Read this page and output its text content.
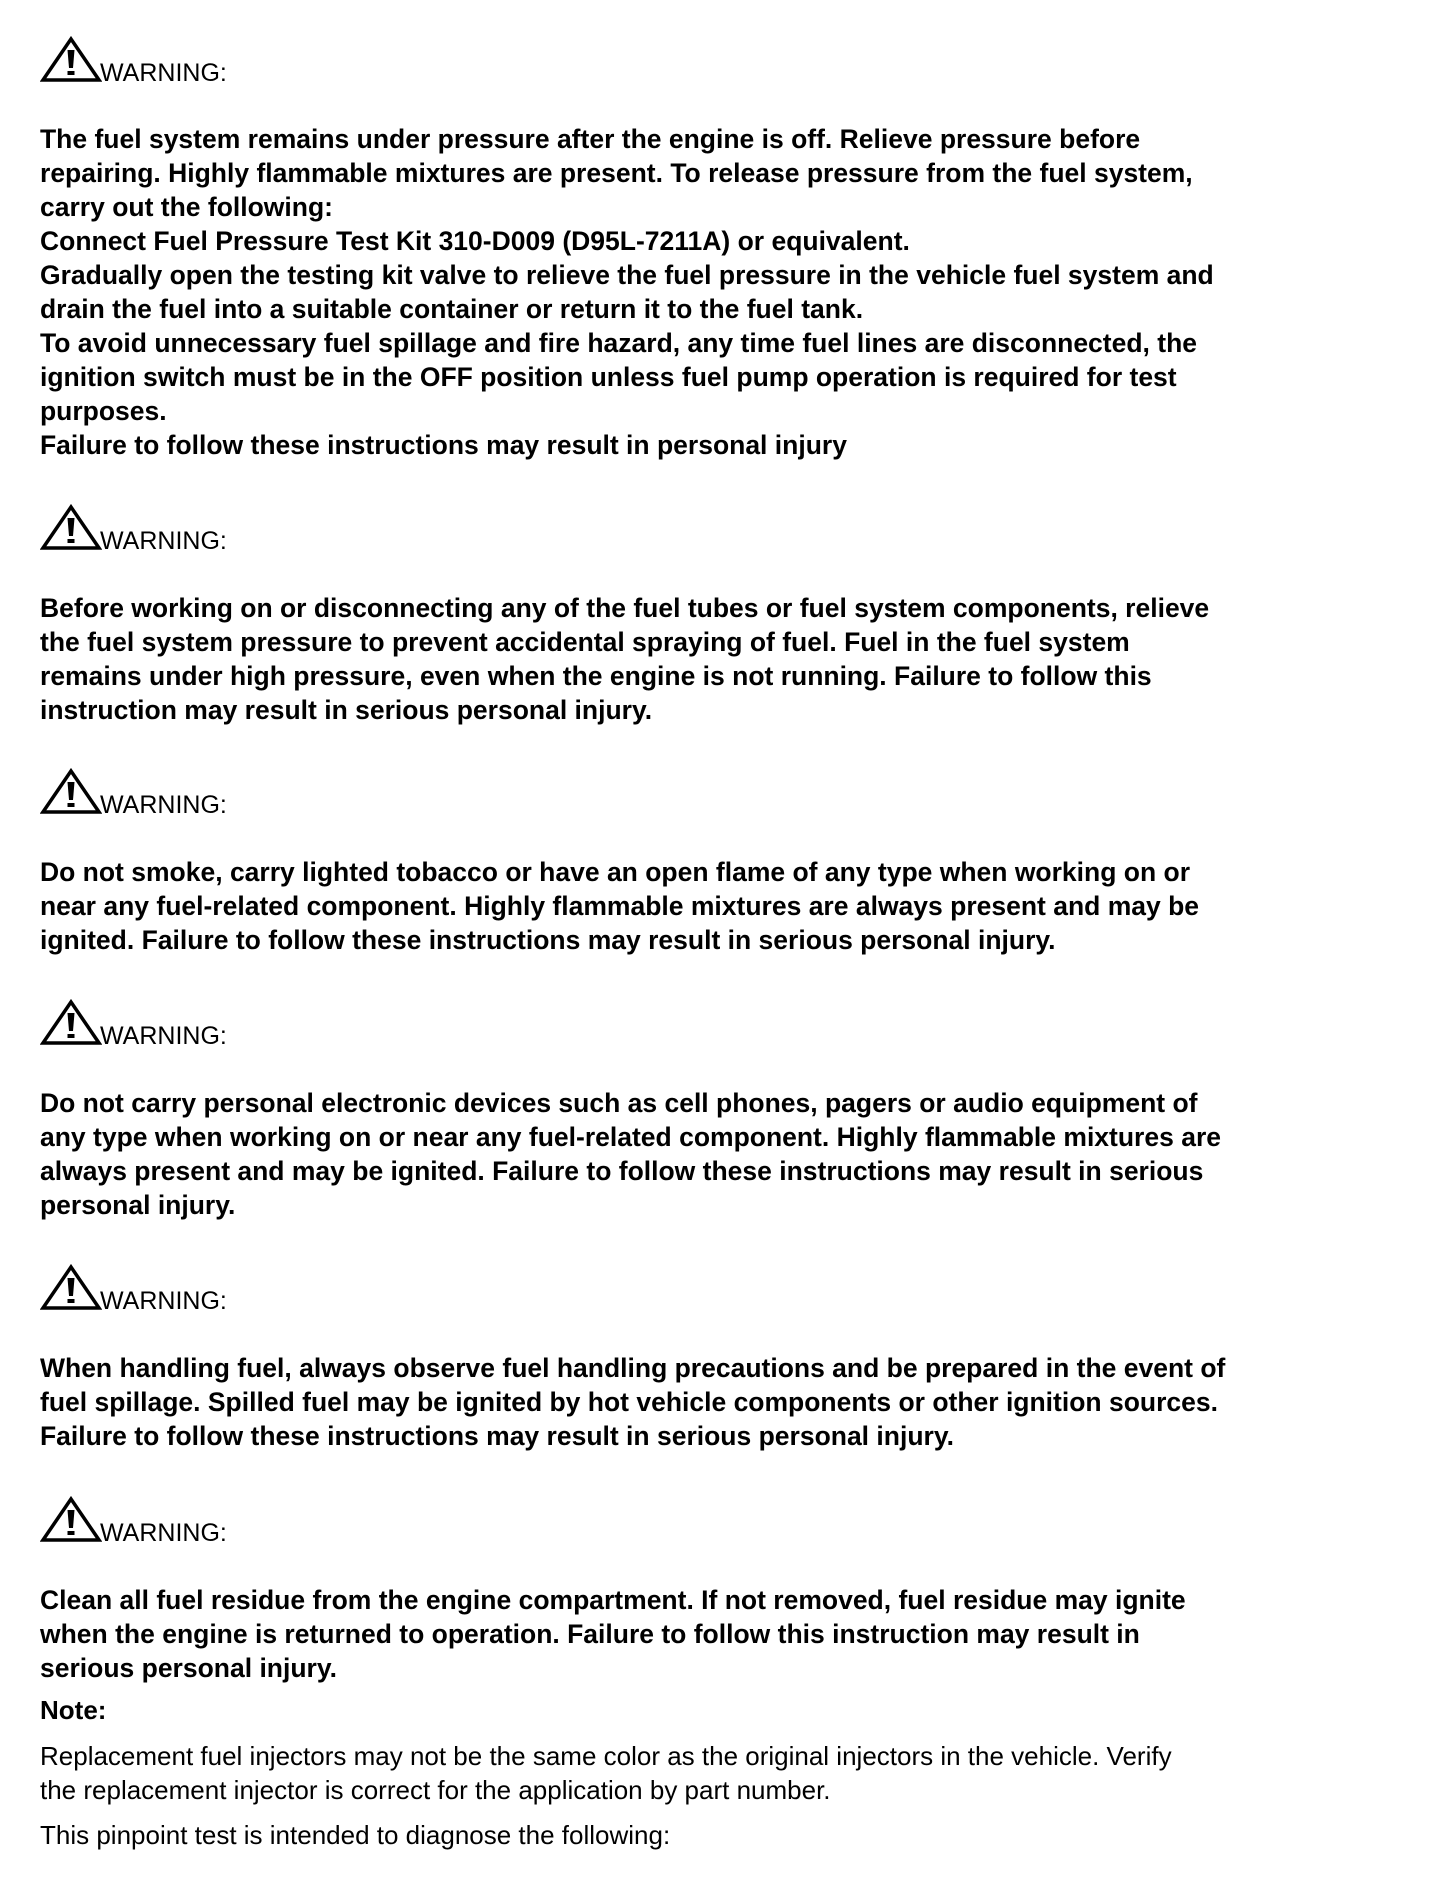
WARNING:
The fuel system remains under pressure after the engine is off. Relieve pressure before
repairing. Highly flammable mixtures are present. To release pressure from the fuel system,
carry out the following:
Connect Fuel Pressure Test Kit 310-D009 (D95L-7211A) or equivalent.
Gradually open the testing kit valve to relieve the fuel pressure in the vehicle fuel system and
drain the fuel into a suitable container or return it to the fuel tank.
To avoid unnecessary fuel spillage and fire hazard, any time fuel lines are disconnected, the
ignition switch must be in the OFF position unless fuel pump operation is required for test
purposes.
Failure to follow these instructions may result in personal injury
WARNING:
Before working on or disconnecting any of the fuel tubes or fuel system components, relieve
the fuel system pressure to prevent accidental spraying of fuel. Fuel in the fuel system
remains under high pressure, even when the engine is not running. Failure to follow this
instruction may result in serious personal injury.
WARNING:
Do not smoke, carry lighted tobacco or have an open flame of any type when working on or
near any fuel-related component. Highly flammable mixtures are always present and may be
ignited. Failure to follow these instructions may result in serious personal injury.
WARNING:
Do not carry personal electronic devices such as cell phones, pagers or audio equipment of
any type when working on or near any fuel-related component. Highly flammable mixtures are
always present and may be ignited. Failure to follow these instructions may result in serious
personal injury.
WARNING:
When handling fuel, always observe fuel handling precautions and be prepared in the event of
fuel spillage. Spilled fuel may be ignited by hot vehicle components or other ignition sources.
Failure to follow these instructions may result in serious personal injury.
WARNING:
Clean all fuel residue from the engine compartment. If not removed, fuel residue may ignite
when the engine is returned to operation. Failure to follow this instruction may result in
serious personal injury.
Note:
Replacement fuel injectors may not be the same color as the original injectors in the vehicle. Verify
the replacement injector is correct for the application by part number.
This pinpoint test is intended to diagnose the following:
